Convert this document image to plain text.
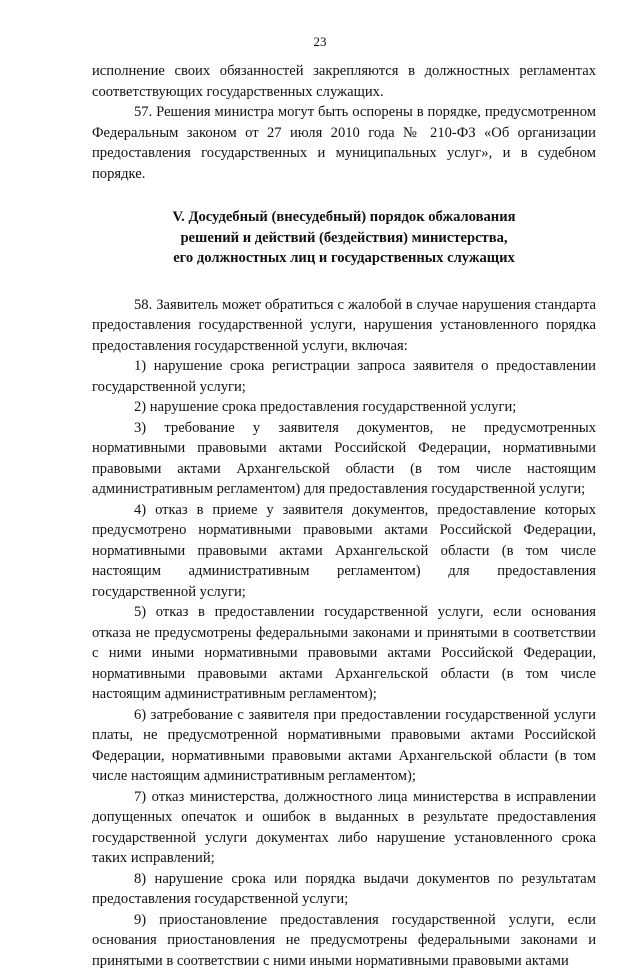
23

исполнение своих обязанностей закрепляются в должностных регламентах соответствующих государственных служащих.

57. Решения министра могут быть оспорены в порядке, предусмотренном Федеральным законом от 27 июля 2010 года № 210-ФЗ «Об организации предоставления государственных и муниципальных услуг», и в судебном порядке.

V. Досудебный (внесудебный) порядок обжалования
решений и действий (бездействия) министерства,
его должностных лиц и государственных служащих

58. Заявитель может обратиться с жалобой в случае нарушения стандарта предоставления государственной услуги, нарушения установленного порядка предоставления государственной услуги, включая:

1) нарушение срока регистрации запроса заявителя о предоставлении государственной услуги;

2) нарушение срока предоставления государственной услуги;

3) требование у заявителя документов, не предусмотренных нормативными правовыми актами Российской Федерации, нормативными правовыми актами Архангельской области (в том числе настоящим административным регламентом) для предоставления государственной услуги;

4) отказ в приеме у заявителя документов, предоставление которых предусмотрено нормативными правовыми актами Российской Федерации, нормативными правовыми актами Архангельской области (в том числе настоящим административным регламентом) для предоставления государственной услуги;

5) отказ в предоставлении государственной услуги, если основания отказа не предусмотрены федеральными законами и принятыми в соответствии с ними иными нормативными правовыми актами Российской Федерации, нормативными правовыми актами Архангельской области (в том числе настоящим административным регламентом);

6) затребование с заявителя при предоставлении государственной услуги платы, не предусмотренной нормативными правовыми актами Российской Федерации, нормативными правовыми актами Архангельской области (в том числе настоящим административным регламентом);

7) отказ министерства, должностного лица министерства в исправлении допущенных опечаток и ошибок в выданных в результате предоставления государственной услуги документах либо нарушение установленного срока таких исправлений;

8) нарушение срока или порядка выдачи документов по результатам предоставления государственной услуги;

9) приостановление предоставления государственной услуги, если основания приостановления не предусмотрены федеральными законами и принятыми в соответствии с ними иными нормативными правовыми актами
